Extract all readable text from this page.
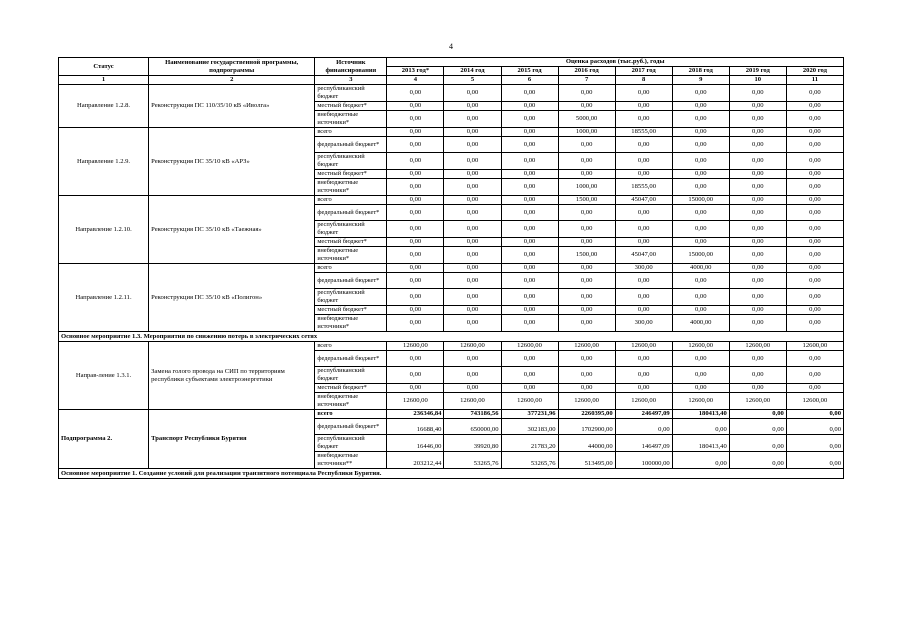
4
Статус	Наименование государственной программы, подпрограммы	Источник финансирования	Оценка расходов (тыс.руб.), годы							
			2013 год*	2014 год	2015 год	2016 год	2017 год	2018 год	2019 год	2020 год
1	2	3	4	5	6	7	8	9	10	11
Направление 1.2.8.	Реконструкция ПС 110/35/10 кВ «Иволга»	республиканский бюджет	0,00	0,00	0,00	0,00	0,00	0,00	0,00	0,00
		местный бюджет*	0,00	0,00	0,00	0,00	0,00	0,00	0,00	0,00
		внебюджетные источники*	0,00	0,00	0,00	5000,00	0,00	0,00	0,00	0,00
Направление 1.2.9.	Реконструкция ПС 35/10 кВ «АРЗ»	всего	0,00	0,00	0,00	1000,00	18555,00	0,00	0,00	0,00
		федеральный бюджет*	0,00	0,00	0,00	0,00	0,00	0,00	0,00	0,00
		республиканский бюджет	0,00	0,00	0,00	0,00	0,00	0,00	0,00	0,00
		местный бюджет*	0,00	0,00	0,00	0,00	0,00	0,00	0,00	0,00
		внебюджетные источники*	0,00	0,00	0,00	1000,00	18555,00	0,00	0,00	0,00
Направление 1.2.10.	Реконструкция ПС 35/10 кВ «Таежная»	всего	0,00	0,00	0,00	1500,00	45047,00	15000,00	0,00	0,00
		федеральный бюджет*	0,00	0,00	0,00	0,00	0,00	0,00	0,00	0,00
		республиканский бюджет	0,00	0,00	0,00	0,00	0,00	0,00	0,00	0,00
		местный бюджет*	0,00	0,00	0,00	0,00	0,00	0,00	0,00	0,00
		внебюджетные источники*	0,00	0,00	0,00	1500,00	45047,00	15000,00	0,00	0,00
Направление 1.2.11.	Реконструкция ПС 35/10 кВ «Полигон»	всего	0,00	0,00	0,00	0,00	300,00	4000,00	0,00	0,00
		федеральный бюджет*	0,00	0,00	0,00	0,00	0,00	0,00	0,00	0,00
		республиканский бюджет	0,00	0,00	0,00	0,00	0,00	0,00	0,00	0,00
		местный бюджет*	0,00	0,00	0,00	0,00	0,00	0,00	0,00	0,00
		внебюджетные источники*	0,00	0,00	0,00	0,00	300,00	4000,00	0,00	0,00
Основное мероприятие 1.3. Мероприятия по снижению потерь в электрических сетях										
Направ-ление 1.3.1.	Замена голого провода на СИП по территориям республики субъектами электроэнергетики	всего	12600,00	12600,00	12600,00	12600,00	12600,00	12600,00	12600,00	12600,00
		федеральный бюджет*	0,00	0,00	0,00	0,00	0,00	0,00	0,00	0,00
		республиканский бюджет	0,00	0,00	0,00	0,00	0,00	0,00	0,00	0,00
		местный бюджет*	0,00	0,00	0,00	0,00	0,00	0,00	0,00	0,00
		внебюджетные источники*	12600,00	12600,00	12600,00	12600,00	12600,00	12600,00	12600,00	12600,00
Подпрограмма 2.	Транспорт Республики Бурятия	всего	236346,84	743186,56	377231,96	2260395,00	246497,09	180413,40	0,00	0,00
		федеральный бюджет*	16688,40	650000,00	302183,00	1702900,00	0,00	0,00	0,00	0,00
		республиканский бюджет	16446,00	39920,80	21783,20	44000,00	146497,09	180413,40	0,00	0,00
		внебюджетные источники**	203212,44	53265,76	53265,76	513495,00	100000,00	0,00	0,00	0,00
Основное мероприятие 1. Создание условий для реализации транзитного потенциала Республики Бурятия.										
